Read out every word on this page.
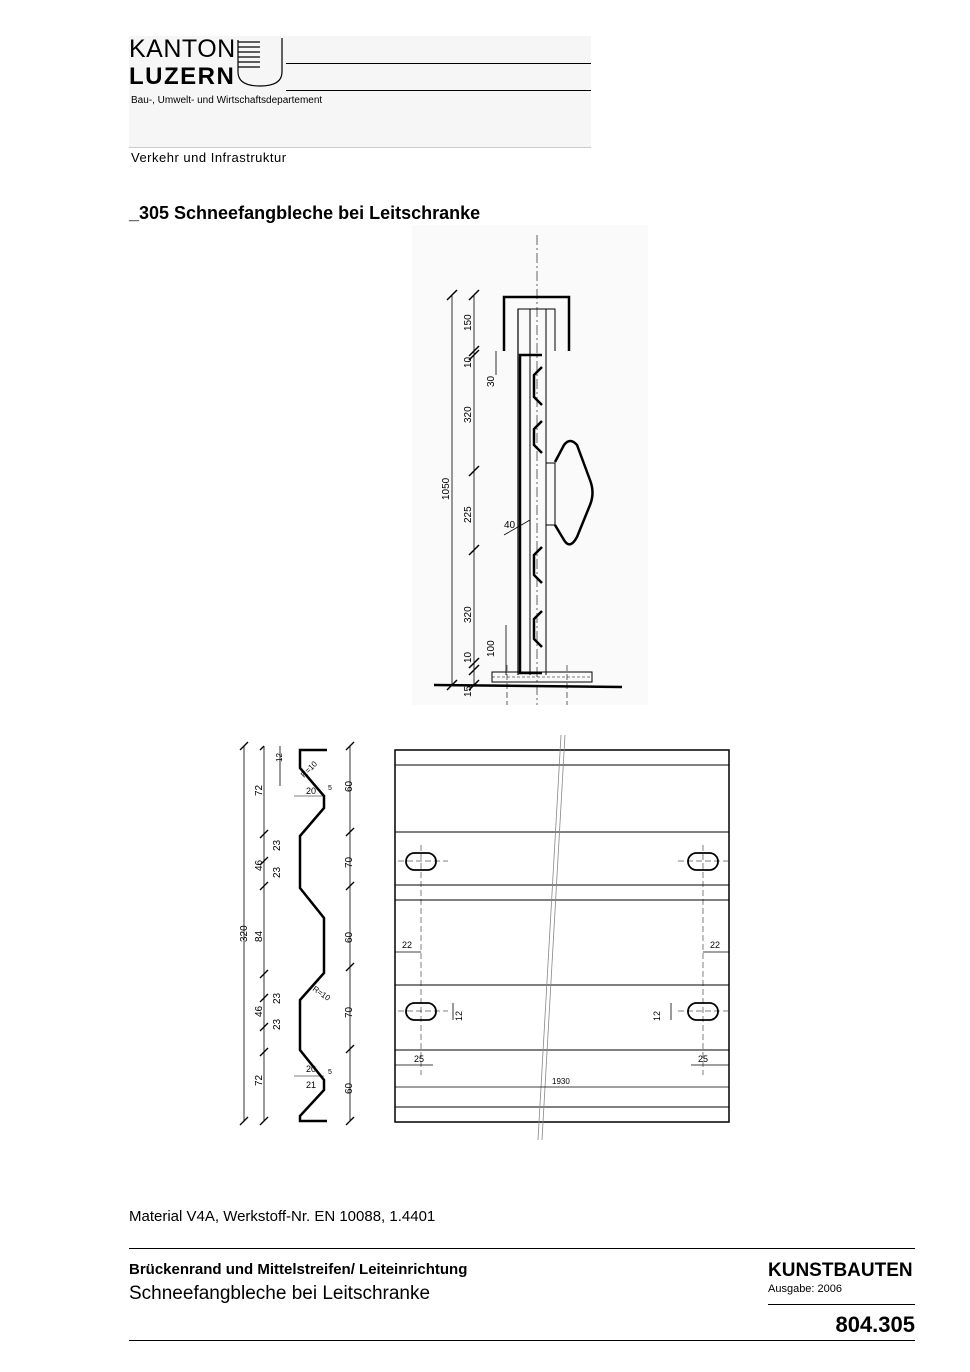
KANTON
LUZERN
Bau-, Umwelt- und Wirtschaftsdepartement
Verkehr und Infrastruktur
_305 Schneefangbleche bei Leitschranke
150
10
30
320
1050
225
40
320
100
10
15
72
46
23
23
320 84
46
23
23
72
60
70
60
70
60
12
20
R=10
5
R=10
20
21
5
22	22
12	12
25	25
1930
Material V4A, Werkstoff-Nr. EN 10088, 1.4401
Brückenrand und Mittelstreifen/ Leiteinrichtung
Schneefangbleche bei Leitschranke
KUNSTBAUTEN
Ausgabe: 2006
804.305
